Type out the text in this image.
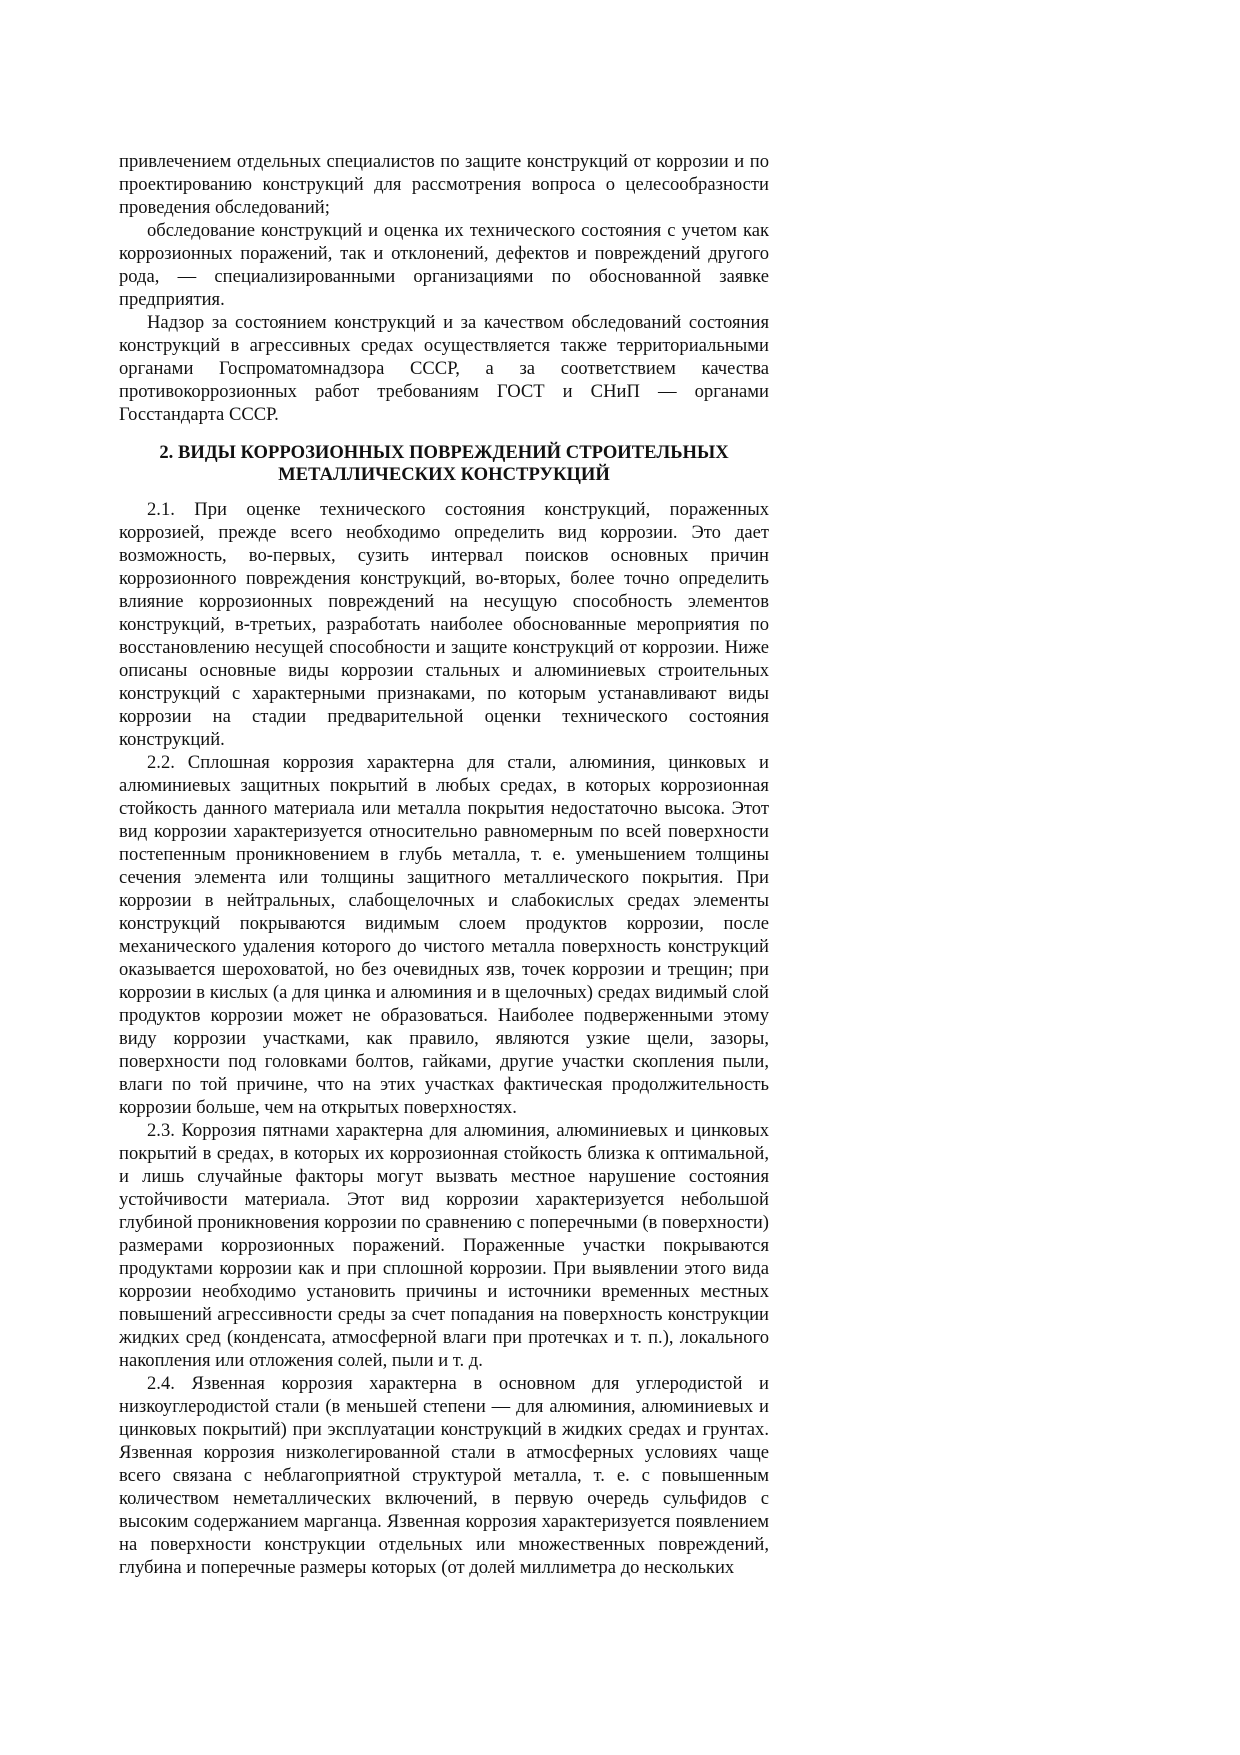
привлечением отдельных специалистов по защите конструкций от коррозии и по проектированию конструкций для рассмотрения вопроса о целесообразности проведения обследований;

обследование конструкций и оценка их технического состояния с учетом как коррозионных поражений, так и отклонений, дефектов и повреждений другого рода, — специализированными организациями по обоснованной заявке предприятия.

Надзор за состоянием конструкций и за качеством обследований состояния конструкций в агрессивных средах осуществляется также территориальными органами Госпроматомнадзора СССР, а за соответствием качества противокоррозионных работ требованиям ГОСТ и СНиП — органами Госстандарта СССР.

2. ВИДЫ КОРРОЗИОННЫХ ПОВРЕЖДЕНИЙ СТРОИТЕЛЬНЫХ МЕТАЛЛИЧЕСКИХ КОНСТРУКЦИЙ

2.1. При оценке технического состояния конструкций, пораженных коррозией, прежде всего необходимо определить вид коррозии. Это дает возможность, во-первых, сузить интервал поисков основных причин коррозионного повреждения конструкций, во-вторых, более точно определить влияние коррозионных повреждений на несущую способность элементов конструкций, в-третьих, разработать наиболее обоснованные мероприятия по восстановлению несущей способности и защите конструкций от коррозии. Ниже описаны основные виды коррозии стальных и алюминиевых строительных конструкций с характерными признаками, по которым устанавливают виды коррозии на стадии предварительной оценки технического состояния конструкций.

2.2. Сплошная коррозия характерна для стали, алюминия, цинковых и алюминиевых защитных покрытий в любых средах, в которых коррозионная стойкость данного материала или металла покрытия недостаточно высока. Этот вид коррозии характеризуется относительно равномерным по всей поверхности постепенным проникновением в глубь металла, т. е. уменьшением толщины сечения элемента или толщины защитного металлического покрытия. При коррозии в нейтральных, слабощелочных и слабокислых средах элементы конструкций покрываются видимым слоем продуктов коррозии, после механического удаления которого до чистого металла поверхность конструкций оказывается шероховатой, но без очевидных язв, точек коррозии и трещин; при коррозии в кислых (а для цинка и алюминия и в щелочных) средах видимый слой продуктов коррозии может не образоваться. Наиболее подверженными этому виду коррозии участками, как правило, являются узкие щели, зазоры, поверхности под головками болтов, гайками, другие участки скопления пыли, влаги по той причине, что на этих участках фактическая продолжительность коррозии больше, чем на открытых поверхностях.

2.3. Коррозия пятнами характерна для алюминия, алюминиевых и цинковых покрытий в средах, в которых их коррозионная стойкость близка к оптимальной, и лишь случайные факторы могут вызвать местное нарушение состояния устойчивости материала. Этот вид коррозии характеризуется небольшой глубиной проникновения коррозии по сравнению с поперечными (в поверхности) размерами коррозионных поражений. Пораженные участки покрываются продуктами коррозии как и при сплошной коррозии. При выявлении этого вида коррозии необходимо установить причины и источники временных местных повышений агрессивности среды за счет попадания на поверхность конструкции жидких сред (конденсата, атмосферной влаги при протечках и т. п.), локального накопления или отложения солей, пыли и т. д.

2.4. Язвенная коррозия характерна в основном для углеродистой и низкоуглеродистой стали (в меньшей степени — для алюминия, алюминиевых и цинковых покрытий) при эксплуатации конструкций в жидких средах и грунтах. Язвенная коррозия низколегированной стали в атмосферных условиях чаще всего связана с неблагоприятной структурой металла, т. е. с повышенным количеством неметаллических включений, в первую очередь сульфидов с высоким содержанием марганца. Язвенная коррозия характеризуется появлением на поверхности конструкции отдельных или множественных повреждений, глубина и поперечные размеры которых (от долей миллиметра до нескольких
